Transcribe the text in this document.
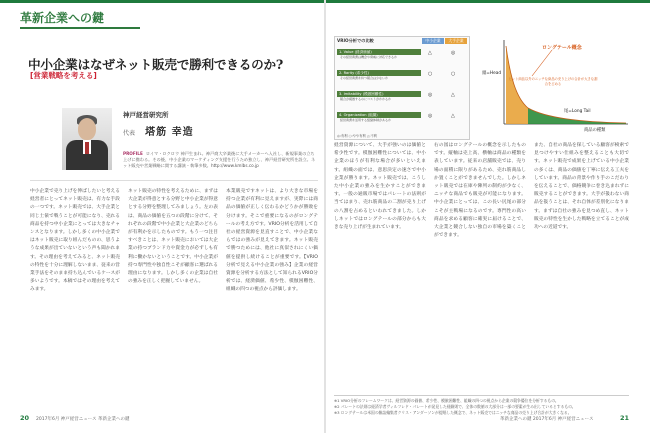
革新企業への鍵
中小企業はなぜネット販売で勝利できるのか?
[営業戦略を考える]
神戸経営研究所
代表 塔筋 幸造
PROFILE ロイマ・ロクロウ 神戸生まれ。神戸商大卒業後に大手メーカーへ入社し、新規事業の立ち上げに携わる。その後、中小企業のマーケティング支援を行うため独立し、神戸経営研究所を設立。ネット販売や営業戦略に関する講演・執筆多数。http://www.kmlbs.co.jp
中小企業で売り上げを伸ばしたいと考える経営者にとってネット販売は、有力な手段の一つです。ネット販売では、大手企業と同じ土俵で戦うことが可能になり、売れる商品を持つ中小企業にとっては大きなチャンスとなります。しかし多くの中小企業ではネット販売に取り組んだものの、思うような成果が出ていないという声も聞かれます。その理由を考えてみると、ネット販売の特性を十分に理解しないまま、従来の営業手法をそのまま持ち込んでいるケースが多いようです。本稿ではその理由を考えてみます。
ネット販売の特性を考えるために、まずは大企業が得意とする分野と中小企業が得意とする分野を整理してみましょう。左の表は、商品の価値を五つの段階に分けて、それぞれの段階で中小企業と大企業のどちらが有利かを示したものです。もう一つ注目すべきことは、ネット販売においては大企業の持つブランド力や資金力が必ずしも有利に働かないということです。中小企業が持つ専門性や独自性こそが顧客に選ばれる理由になります。しかし多くの企業は自社の強みを正しく把握していません。
本業販売ですネットは、より大きな市場を持つ企業が有利に見えますが、実際には商品の価値が正しく伝わるかどうかが勝敗を分けます。そこで重要になるのがロングテールの考え方です。VRIO分析を活用して自社の経営資源を見直すことで、中小企業ならではの強みが見えてきます。ネット販売で勝つためには、他社に真似されにくい価値を提供し続けることが重要です。【VRIO分析で見える中小企業の強み】企業の経営資源を分析する方法として知られるVRIO分析では、経済価値、希少性、模倣困難性、組織の四つの視点から評価します。
経営資源について、大手が強いのは価値と希少性です。模倣困難性については、中小企業のほうが有利な場合が多いといえます。組織の面では、意思決定の速さで中小企業が勝ります。ネット販売では、こうした中小企業の強みを生かすことができます。一般の通販市場ではパレートの法則が当てはまり、売れ筋商品の二割が売り上げの八割を占めるといわれてきました。しかしネットではロングテールの部分からも大きな売り上げが生まれています。
右の図はロングテールの概念を示したものです。縦軸は売上高、横軸は商品の種類を表しています。従来の店舗販売では、売り場の面積に限りがあるため、売れ筋商品しか置くことができませんでした。しかしネット販売では在庫や陳列の制約が少なく、ニッチな商品でも販売が可能になります。中小企業にとっては、この長い尻尾の部分こそが主戦場になるのです。専門性の高い商品を求める顧客に確実に届けることで、大企業と競合しない独自の市場を築くことができます。
また、自社の商品を探している顧客が検索で見つけやすい仕組みを整えることも大切です。ネット販売で成果を上げている中小企業の多くは、商品の価値を丁寧に伝える工夫をしています。商品の背景や作り手のこだわりを伝えることで、価格競争に巻き込まれずに販売することができます。大手が扱わない商品を扱うことは、それ自体が差別化になります。まずは自社の強みを見つめ直し、ネット販売の特性を生かした戦略を立てることが成功への近道です。
VRIO分析での比較	中小企業	大手企業
1. Value (経済価値)
その経営資源は機会や脅威に対応できるか
△	◎
2. Rarity (希少性)
その経営資源を持つ競合は少ないか
○	○
3. Imitability (模倣困難性)
競合が模倣するのにコストがかかるか
◎	△
4. Organization (組織)
経営資源を活用する組織体制があるか
◎	△
◎:有利 ○:やや有利 △:不利
ロングテール概念
頭=Head
尾=Long Tail
商品の種類
ヒット商品以外のニッチな商品の売り上げの合計が大きな割合を占める
※1 VRIO分析のフレームワークは、経営資源の価値、希少性、模倣困難性、組織の四つの視点から企業の競争優位を分析するもの。
※2 パレートの法則は経済学者ヴィルフレド・パレートが発見した経験則で、全体の数値の大部分は一部の要素が生み出しているとするもの。
※3 ロングテールは米国の雑誌編集者クリス・アンダーソンが提唱した概念で、ネット販売ではニッチな商品の売り上げ合計が大きくなる。
20 2017年6月 神戸経営ニュース 革新企業への鍵	革新企業への鍵 2017年6月 神戸経営ニュース	21
